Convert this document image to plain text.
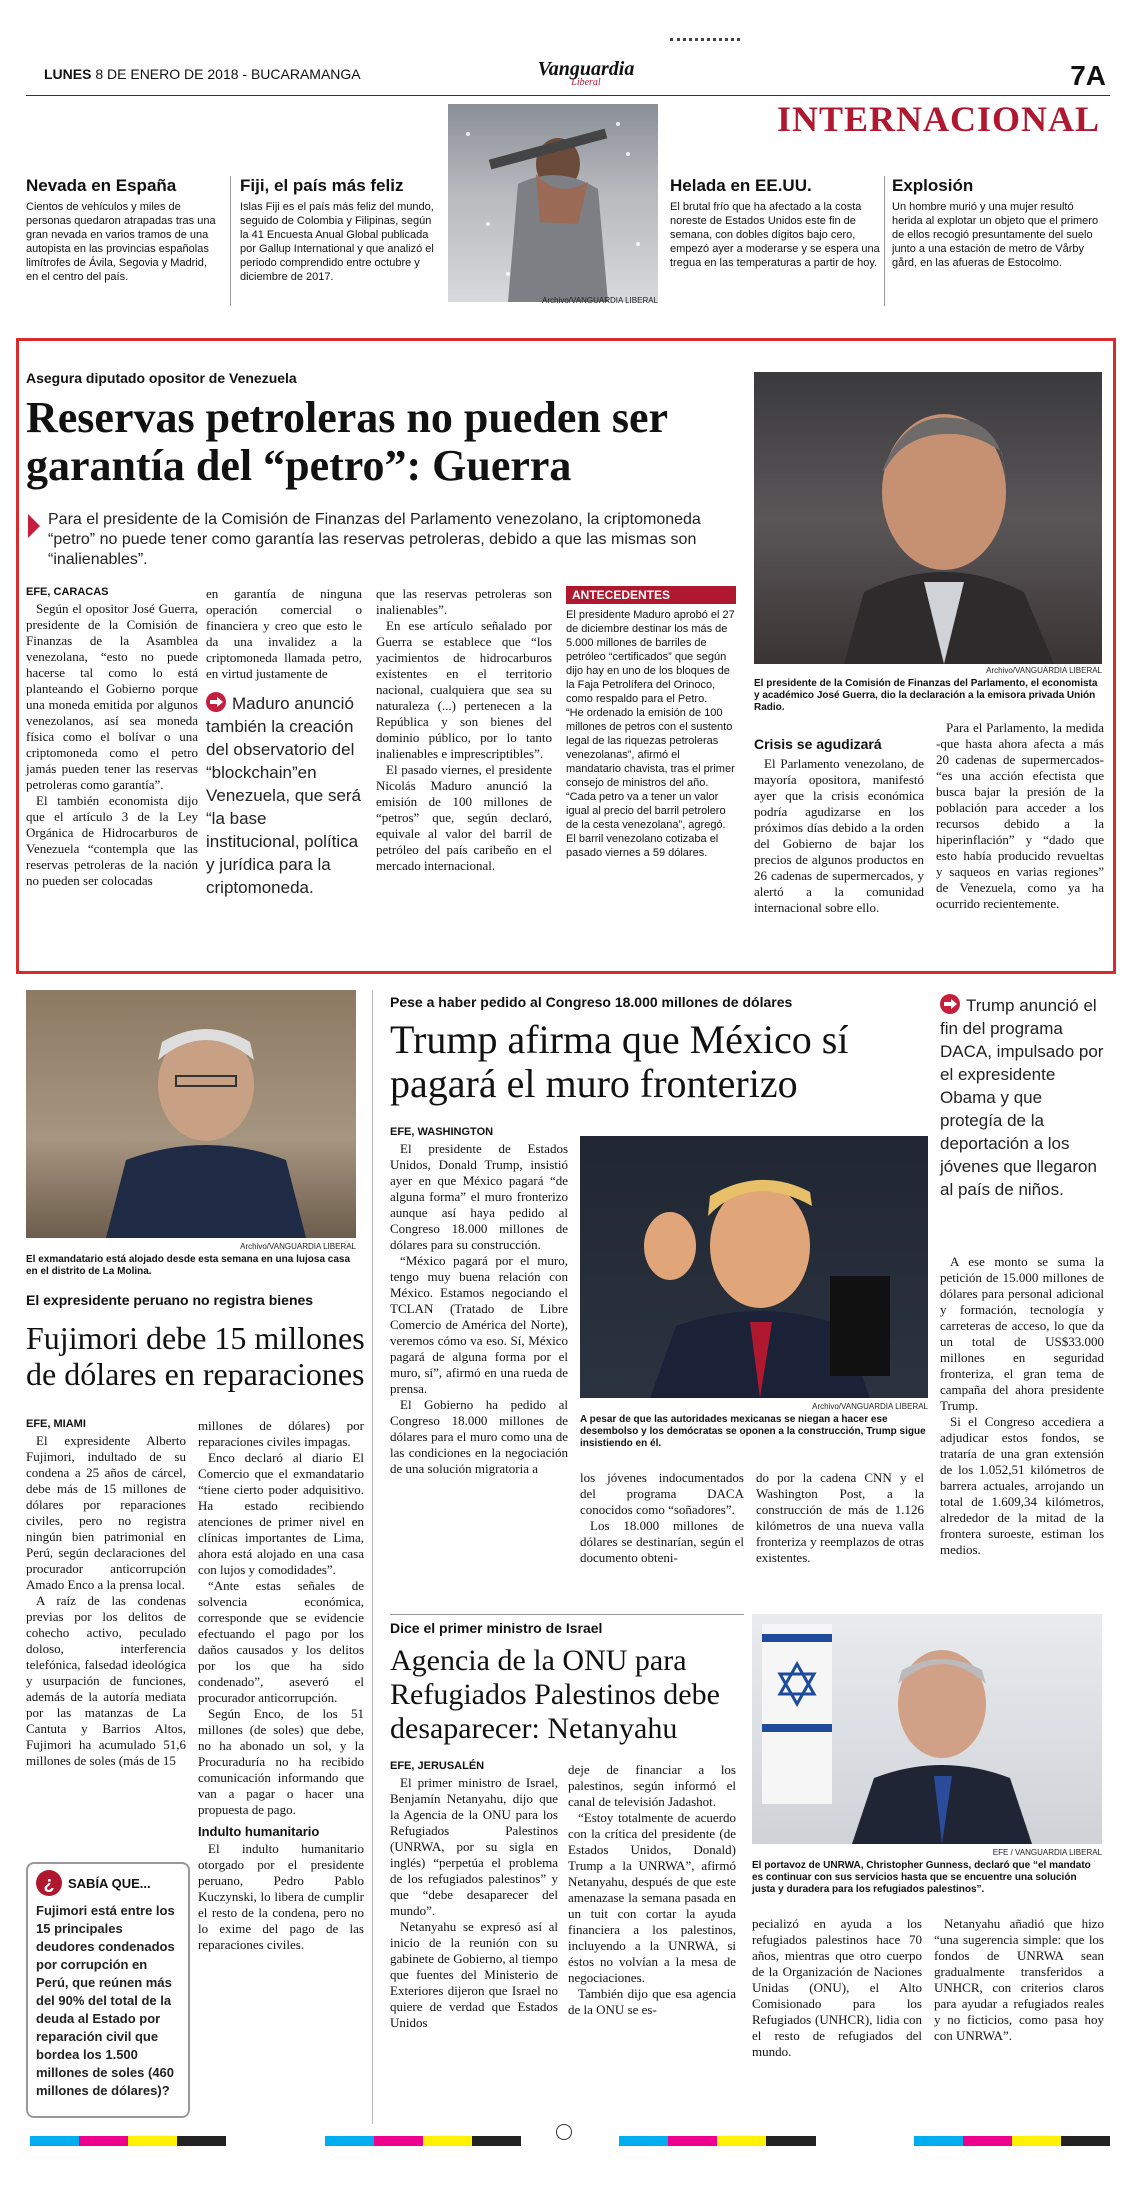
LUNES 8 DE ENERO DE 2018 - BUCARAMANGA	Vanguardia
Liberal	7A
INTERNACIONAL
Nevada en España
Cientos de vehículos y miles de personas quedaron atrapadas tras una gran nevada en varios tramos de una autopista en las provincias españolas limítrofes de Ávila, Segovia y Madrid, en el centro del país.
Fiji, el país más feliz
Islas Fiji es el país más feliz del mundo, seguido de Colombia y Filipinas, según la 41 Encuesta Anual Global publicada por Gallup International y que analizó el periodo comprendido entre octubre y diciembre de 2017.
Archivo/VANGUARDIA LIBERAL
Helada en EE.UU.
El brutal frío que ha afectado a la costa noreste de Estados Unidos este fin de semana, con dobles dígitos bajo cero, empezó ayer a moderarse y se espera una tregua en las temperaturas a partir de hoy.
Explosión
Un hombre murió y una mujer resultó herida al explotar un objeto que el primero de ellos recogió presuntamente del suelo junto a una estación de metro de Vårby gård, en las afueras de Estocolmo.
Asegura diputado opositor de Venezuela
Reservas petroleras no pueden ser garantía del “petro”: Guerra
Para el presidente de la Comisión de Finanzas del Parlamento venezolano, la criptomoneda “petro” no puede tener como garantía las reservas petroleras, debido a que las mismas son “inalienables”.
EFE, CARACAS

Según el opositor José Guerra, presidente de la Comisión de Finanzas de la Asamblea venezolana, “esto no puede hacerse tal como lo está planteando el Gobierno porque una moneda emitida por algunos venezolanos, así sea moneda física como el bolívar o una criptomoneda como el petro jamás pueden tener las reservas petroleras como garantía”.

El también economista dijo que el artículo 3 de la Ley Orgánica de Hidrocarburos de Venezuela “contempla que las reservas petroleras de la nación no pueden ser colocadas

en garantía de ninguna operación comercial o financiera y creo que esto le da una invalidez a la criptomoneda llamada petro, en virtud justamente de
Maduro anunció también la creación del observatorio del “blockchain”en Venezuela, que será “la base institucional, política y jurídica para la criptomoneda.

que las reservas petroleras son inalienables”.

En ese artículo señalado por Guerra se establece que “los yacimientos de hidrocarburos existentes en el territorio nacional, cualquiera que sea su naturaleza (...) pertenecen a la República y son bienes del dominio público, por lo tanto inalienables e imprescriptibles”.

El pasado viernes, el presidente Nicolás Maduro anunció la emisión de 100 millones de “petros” que, según declaró, equivale al valor del barril de petróleo del país caribeño en el mercado internacional.

ANTECEDENTES
El presidente Maduro aprobó el 27 de diciembre destinar los más de 5.000 millones de barriles de petróleo “certificados” que según dijo hay en uno de los bloques de la Faja Petrolífera del Orinoco, como respaldo para el Petro.
“He ordenado la emisión de 100 millones de petros con el sustento legal de las riquezas petroleras venezolanas”, afirmó el mandatario chavista, tras el primer consejo de ministros del año. “Cada petro va a tener un valor igual al precio del barril petrolero de la cesta venezolana”, agregó. El barril venezolano cotizaba el pasado viernes a 59 dólares.
Archivo/VANGUARDIA LIBERAL
El presidente de la Comisión de Finanzas del Parlamento, el economista y académico José Guerra, dio la declaración a la emisora privada Unión Radio.
Crisis se agudizará

El Parlamento venezolano, de mayoría opositora, manifestó ayer que la crisis económica podría agudizarse en los próximos días debido a la orden del Gobierno de bajar los precios de algunos productos en 26 cadenas de supermercados, y alertó a la comunidad internacional sobre ello.

Para el Parlamento, la medida -que hasta ahora afecta a más 20 cadenas de supermercados- “es una acción efectista que busca bajar la presión de la población para acceder a los recursos debido a la hiperinflación” y “dado que esto había producido revueltas y saqueos en varias regiones” de Venezuela, como ya ha ocurrido recientemente.

Archivo/VANGUARDIA LIBERAL
El exmandatario está alojado desde esta semana en una lujosa casa en el distrito de La Molina.
El expresidente peruano no registra bienes
Fujimori debe 15 millones de dólares en reparaciones
EFE, MIAMI

El expresidente Alberto Fujimori, indultado de su condena a 25 años de cárcel, debe más de 15 millones de dólares por reparaciones civiles, pero no registra ningún bien patrimonial en Perú, según declaraciones del procurador anticorrupción Amado Enco a la prensa local.

A raíz de las condenas previas por los delitos de cohecho activo, peculado doloso, interferencia telefónica, falsedad ideológica y usurpación de funciones, además de la autoría mediata por las matanzas de La Cantuta y Barrios Altos, Fujimori ha acumulado 51,6 millones de soles (más de 15

millones de dólares) por reparaciones civiles impagas.

Enco declaró al diario El Comercio que el exmandatario “tiene cierto poder adquisitivo. Ha estado recibiendo atenciones de primer nivel en clínicas importantes de Lima, ahora está alojado en una casa con lujos y comodidades”.

“Ante estas señales de solvencia económica, corresponde que se evidencie efectuando el pago por los daños causados y los delitos por los que ha sido condenado”, aseveró el procurador anticorrupción.

Según Enco, de los 51 millones (de soles) que debe, no ha abonado un sol, y la Procuraduría no ha recibido comunicación informando que van a pagar o hacer una propuesta de pago.

Indulto humanitario

El indulto humanitario otorgado por el presidente peruano, Pedro Pablo Kuczynski, lo libera de cumplir el resto de la condena, pero no lo exime del pago de las reparaciones civiles.

¿	SABÍA QUE...
Fujimori está entre los 15 principales deudores condenados por corrupción en Perú, que reúnen más del 90% del total de la deuda al Estado por reparación civil que bordea los 1.500 millones de soles (460 millones de dólares)?
Pese a haber pedido al Congreso 18.000 millones de dólares
Trump afirma que México sí pagará el muro fronterizo
EFE, WASHINGTON

El presidente de Estados Unidos, Donald Trump, insistió ayer en que México pagará “de alguna forma” el muro fronterizo aunque así haya pedido al Congreso 18.000 millones de dólares para su construcción.

“México pagará por el muro, tengo muy buena relación con México. Estamos negociando el TCLAN (Tratado de Libre Comercio de América del Norte), veremos cómo va eso. Sí, México pagará de alguna forma por el muro, sí”, afirmó en una rueda de prensa.

El Gobierno ha pedido al Congreso 18.000 millones de dólares para el muro como una de las condiciones en la negociación de una solución migratoria a

Archivo/VANGUARDIA LIBERAL
A pesar de que las autoridades mexicanas se niegan a hacer ese desembolso y los demócratas se oponen a la construcción, Trump sigue insistiendo en él.

los jóvenes indocumentados del programa DACA conocidos como “soñadores”.

Los 18.000 millones de dólares se destinarían, según el documento obteni-

do por la cadena CNN y el Washington Post, a la construcción de más de 1.126 kilómetros de una nueva valla fronteriza y reemplazos de otras existentes.
Trump anunció el fin del programa DACA, impulsado por el expresidente Obama y que protegía de la deportación a los jóvenes que llegaron al país de niños.

A ese monto se suma la petición de 15.000 millones de dólares para personal adicional y formación, tecnología y carreteras de acceso, lo que da un total de US$33.000 millones en seguridad fronteriza, el gran tema de campaña del ahora presidente Trump.

Si el Congreso accediera a adjudicar estos fondos, se trataría de una gran extensión de los 1.052,51 kilómetros de barrera actuales, arrojando un total de 1.609,34 kilómetros, alrededor de la mitad de la frontera suroeste, estiman los medios.

Dice el primer ministro de Israel
Agencia de la ONU para Refugiados Palestinos debe desaparecer: Netanyahu
EFE, JERUSALÉN

El primer ministro de Israel, Benjamín Netanyahu, dijo que la Agencia de la ONU para los Refugiados Palestinos (UNRWA, por su sigla en inglés) “perpetúa el problema de los refugiados palestinos” y que “debe desaparecer del mundo”.

Netanyahu se expresó así al inicio de la reunión con su gabinete de Gobierno, al tiempo que fuentes del Ministerio de Exteriores dijeron que Israel no quiere de verdad que Estados Unidos

deje de financiar a los palestinos, según informó el canal de televisión Jadashot.

“Estoy totalmente de acuerdo con la crítica del presidente (de Estados Unidos, Donald) Trump a la UNRWA”, afirmó Netanyahu, después de que este amenazase la semana pasada en un tuit con cortar la ayuda financiera a los palestinos, incluyendo a la UNRWA, si éstos no volvían a la mesa de negociaciones.

También dijo que esa agencia de la ONU se es-

EFE / VANGUARDIA LIBERAL
El portavoz de UNRWA, Christopher Gunness, declaró que “el mandato es continuar con sus servicios hasta que se encuentre una solución justa y duradera para los refugiados palestinos”.
pecializó en ayuda a los refugiados palestinos hace 70 años, mientras que otro cuerpo de la Organización de Naciones Unidas (ONU), el Alto Comisionado para los Refugiados (UNHCR), lidia con el resto de refugiados del mundo.

Netanyahu añadió que hizo “una sugerencia simple: que los fondos de UNRWA sean gradualmente transferidos a UNHCR, con criterios claros para ayudar a refugiados reales y no ficticios, como pasa hoy con UNRWA”.
